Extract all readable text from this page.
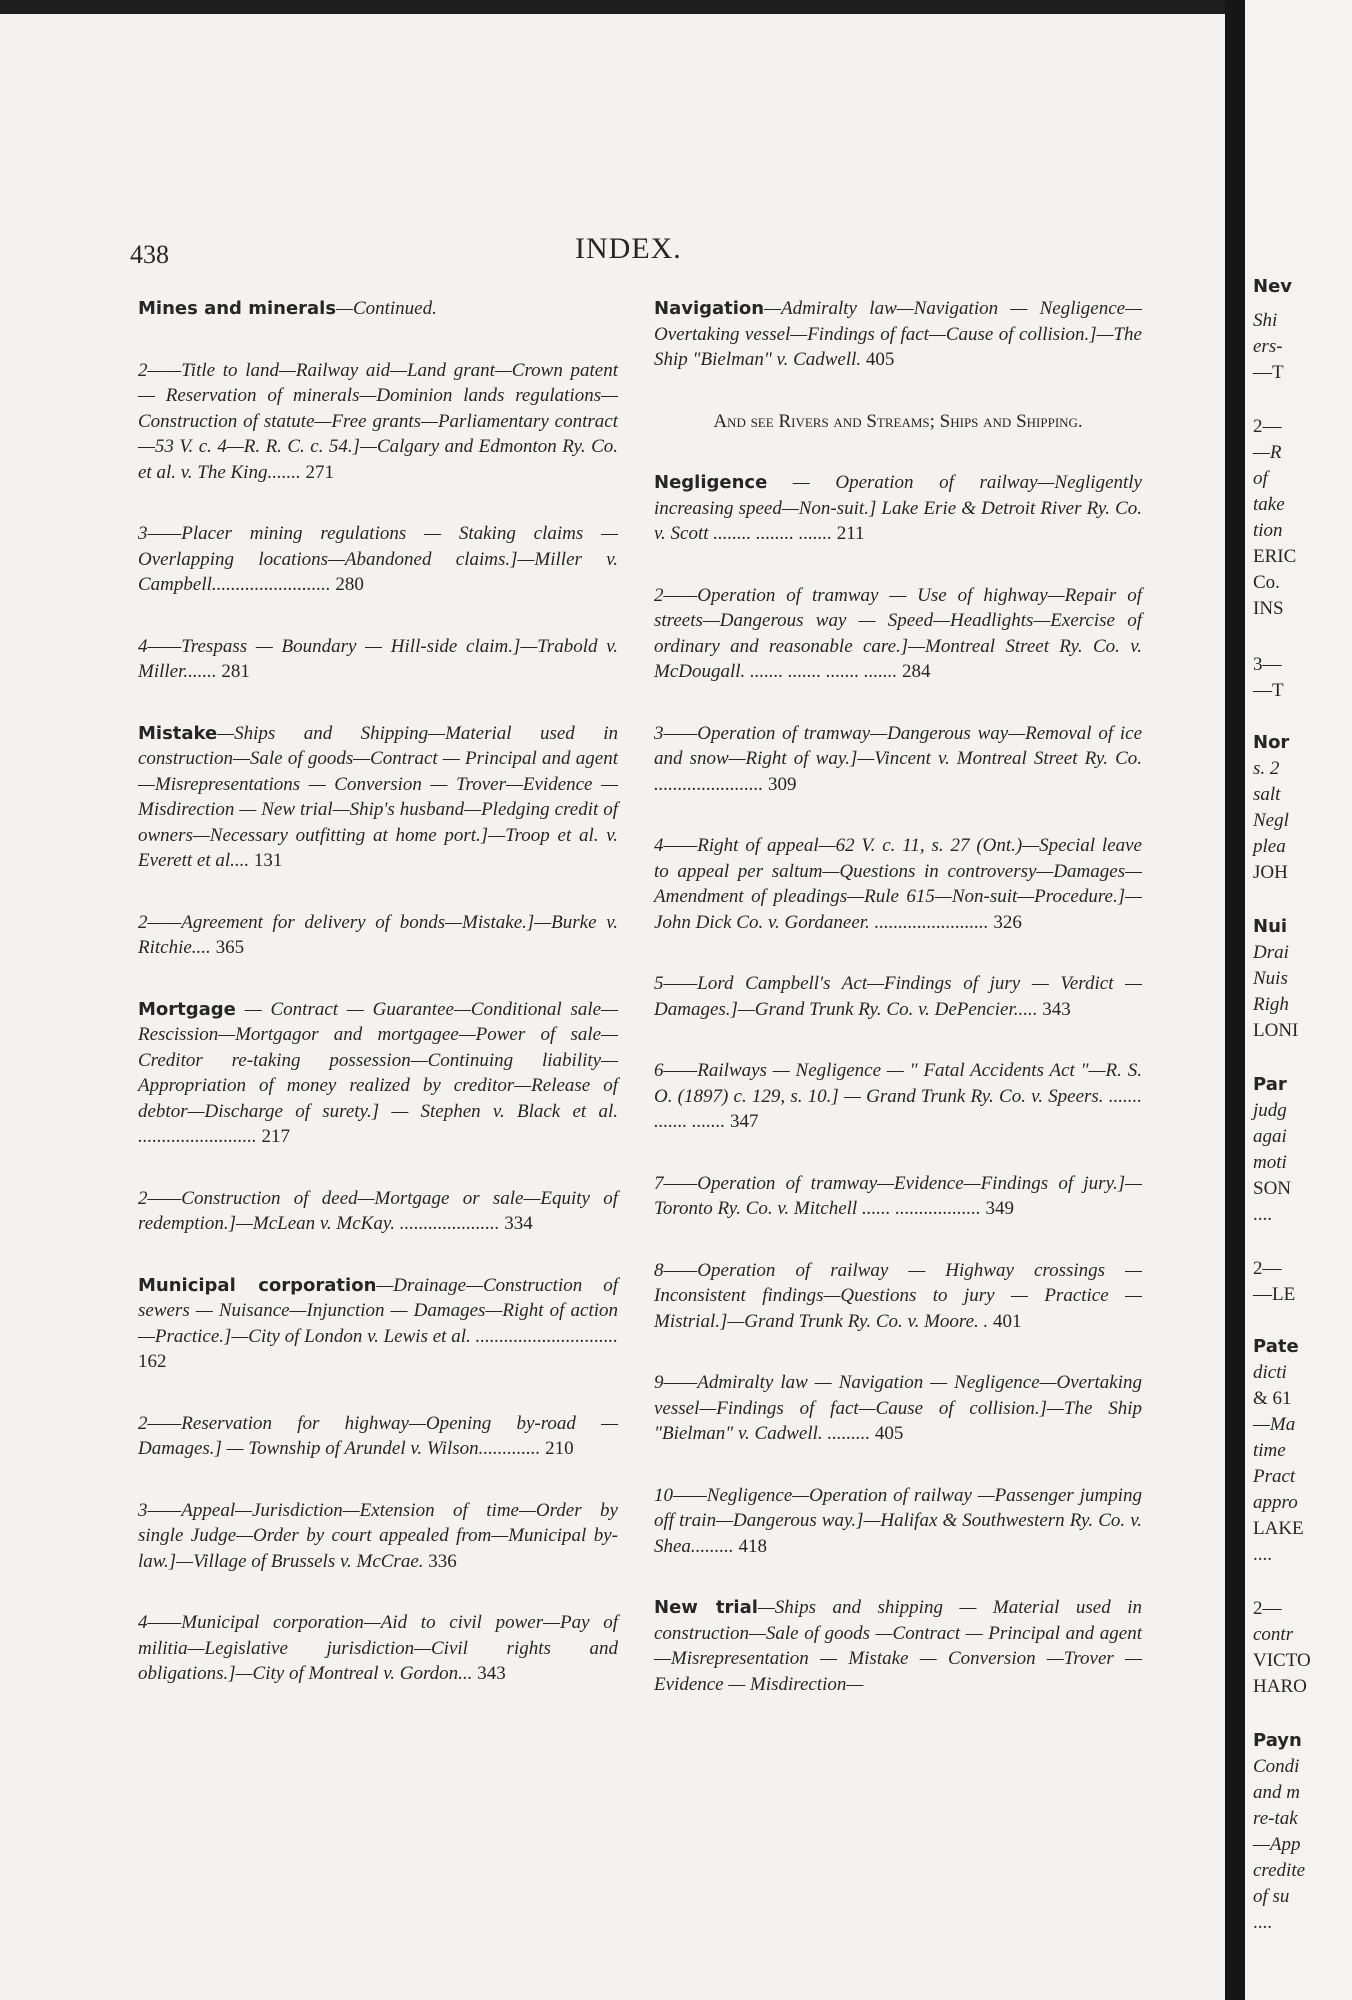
Nev
Shi
ers-
—T
2—
—R
of
take
tion
ERIC
Co.
INS
3—
—T
Nor
s. 2
salt
Negl
plea
JOH
Nui
Drai
Nuis
Righ
LONI
Par
judg
agai
moti
SON
....
2—
—LE
Pate
dicti
& 61
—Ma
time
Pract
appro
LAKE
....
2—
contr
VICTO
HARO
Payn
Condi
and m
re-tak
—App
credite
of su
....
438	INDEX.
Mines and minerals—Continued.
2——Title to land—Railway aid—Land grant—Crown patent — Reservation of minerals—Dominion lands regulations—Construction of statute—Free grants—Parliamentary contract—53 V. c. 4—R. R. C. c. 54.]—Calgary and Edmonton Ry. Co. et al. v. The King....... 271
3——Placer mining regulations — Staking claims — Overlapping locations—Abandoned claims.]—Miller v. Campbell......................... 280
4——Trespass — Boundary — Hill-side claim.]—Trabold v. Miller....... 281
Mistake—Ships and Shipping—Material used in construction—Sale of goods—Contract — Principal and agent—Misrepresentations — Conversion — Trover—Evidence — Misdirection — New trial—Ship's husband—Pledging credit of owners—Necessary outfitting at home port.]—Troop et al. v. Everett et al.... 131
2——Agreement for delivery of bonds—Mistake.]—Burke v. Ritchie.... 365
Mortgage — Contract — Guarantee—Conditional sale—Rescission—Mortgagor and mortgagee—Power of sale—Creditor re-taking possession—Continuing liability—Appropriation of money realized by creditor—Release of debtor—Discharge of surety.] — Stephen v. Black et al. ......................... 217
2——Construction of deed—Mortgage or sale—Equity of redemption.]—McLean v. McKay. ..................... 334
Municipal corporation—Drainage—Construction of sewers — Nuisance—Injunction — Damages—Right of action—Practice.]—City of London v. Lewis et al. .............................. 162
2——Reservation for highway—Opening by-road — Damages.] — Township of Arundel v. Wilson............. 210
3——Appeal—Jurisdiction—Extension of time—Order by single Judge—Order by court appealed from—Municipal by-law.]—Village of Brussels v. McCrae. 336
4——Municipal corporation—Aid to civil power—Pay of militia—Legislative jurisdiction—Civil rights and obligations.]—City of Montreal v. Gordon... 343
Navigation—Admiralty law—Navigation — Negligence—Overtaking vessel—Findings of fact—Cause of collision.]—The Ship "Bielman" v. Cadwell. 405
And see Rivers and Streams; Ships and Shipping.
Negligence — Operation of railway—Negligently increasing speed—Non-suit.] Lake Erie & Detroit River Ry. Co. v. Scott ........ ........ ....... 211
2——Operation of tramway — Use of highway—Repair of streets—Dangerous way — Speed—Headlights—Exercise of ordinary and reasonable care.]—Montreal Street Ry. Co. v. McDougall. ....... ....... ....... ....... 284
3——Operation of tramway—Dangerous way—Removal of ice and snow—Right of way.]—Vincent v. Montreal Street Ry. Co. ....................... 309
4——Right of appeal—62 V. c. 11, s. 27 (Ont.)—Special leave to appeal per saltum—Questions in controversy—Damages—Amendment of pleadings—Rule 615—Non-suit—Procedure.]—John Dick Co. v. Gordaneer. ........................ 326
5——Lord Campbell's Act—Findings of jury — Verdict — Damages.]—Grand Trunk Ry. Co. v. DePencier..... 343
6——Railways — Negligence — " Fatal Accidents Act "—R. S. O. (1897) c. 129, s. 10.] — Grand Trunk Ry. Co. v. Speers. ....... ....... ....... 347
7——Operation of tramway—Evidence—Findings of jury.]—Toronto Ry. Co. v. Mitchell ...... .................. 349
8——Operation of railway — Highway crossings — Inconsistent findings—Questions to jury — Practice — Mistrial.]—Grand Trunk Ry. Co. v. Moore. . 401
9——Admiralty law — Navigation — Negligence—Overtaking vessel—Findings of fact—Cause of collision.]—The Ship "Bielman" v. Cadwell. ......... 405
10——Negligence—Operation of railway —Passenger jumping off train—Dangerous way.]—Halifax & Southwestern Ry. Co. v. Shea......... 418
New trial—Ships and shipping — Material used in construction—Sale of goods —Contract — Principal and agent—Misrepresentation — Mistake — Conversion —Trover — Evidence — Misdirection—
